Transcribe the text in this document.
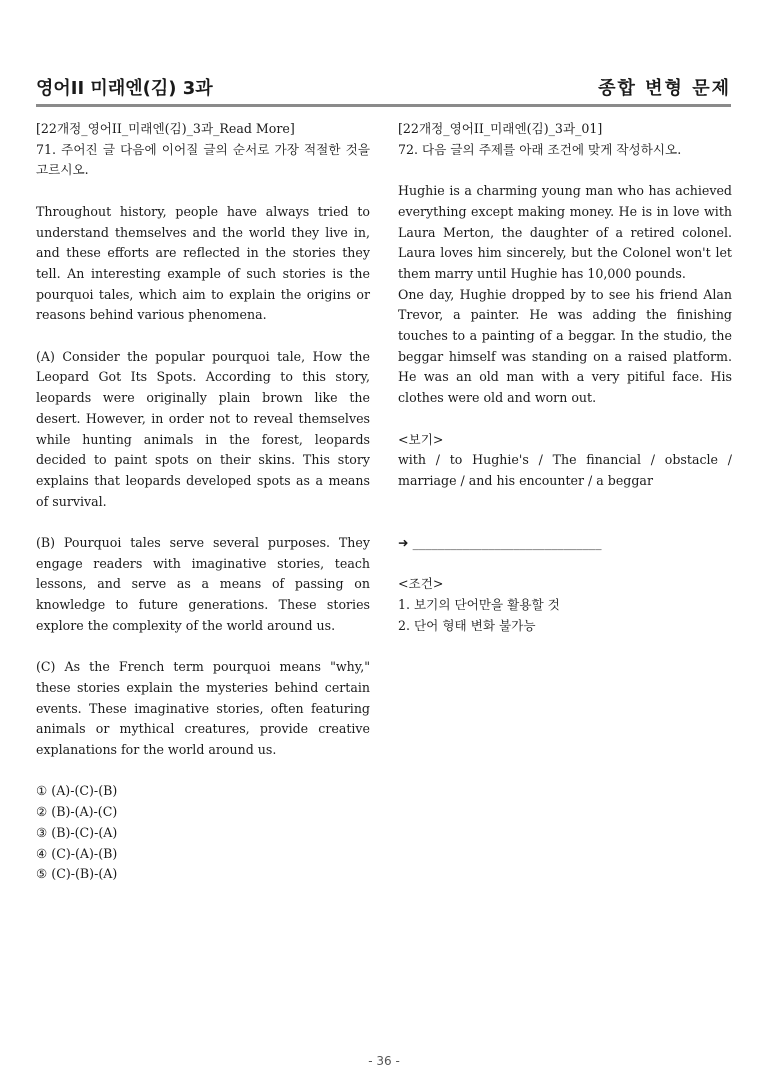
영어II 미래엔(김) 3과	종합 변형 문제

[22개정_영어II_미래엔(김)_3과_Read More]

71. 주어진 글 다음에 이어질 글의 순서로 가장 적절한 것을 고르시오.

Throughout history, people have always tried to understand themselves and the world they live in, and these efforts are reflected in the stories they tell. An interesting example of such stories is the pourquoi tales, which aim to explain the origins or reasons behind various phenomena.

(A) Consider the popular pourquoi tale, How the Leopard Got Its Spots. According to this story, leopards were originally plain brown like the desert. However, in order not to reveal themselves while hunting animals in the forest, leopards decided to paint spots on their skins. This story explains that leopards developed spots as a means of survival.

(B) Pourquoi tales serve several purposes. They engage readers with imaginative stories, teach lessons, and serve as a means of passing on knowledge to future generations. These stories explore the complexity of the world around us.

(C) As the French term pourquoi means "why," these stories explain the mysteries behind certain events. These imaginative stories, often featuring animals or mythical creatures, provide creative explanations for the world around us.

① (A)-(C)-(B)

② (B)-(A)-(C)

③ (B)-(C)-(A)

④ (C)-(A)-(B)

⑤ (C)-(B)-(A)

[22개정_영어II_미래엔(김)_3과_01]

72. 다음 글의 주제를 아래 조건에 맞게 작성하시오.

Hughie is a charming young man who has achieved everything except making money. He is in love with Laura Merton, the daughter of a retired colonel. Laura loves him sincerely, but the Colonel won't let them marry until Hughie has 10,000 pounds.

One day, Hughie dropped by to see his friend Alan Trevor, a painter. He was adding the finishing touches to a painting of a beggar. In the studio, the beggar himself was standing on a raised platform. He was an old man with a very pitiful face. His clothes were old and worn out.

<보기>

with / to Hughie's / The financial / obstacle / marriage / and his encounter / a beggar

➜ ______________________________

<조건>

1. 보기의 단어만을 활용할 것

2. 단어 형태 변화 불가능

- 36 -
